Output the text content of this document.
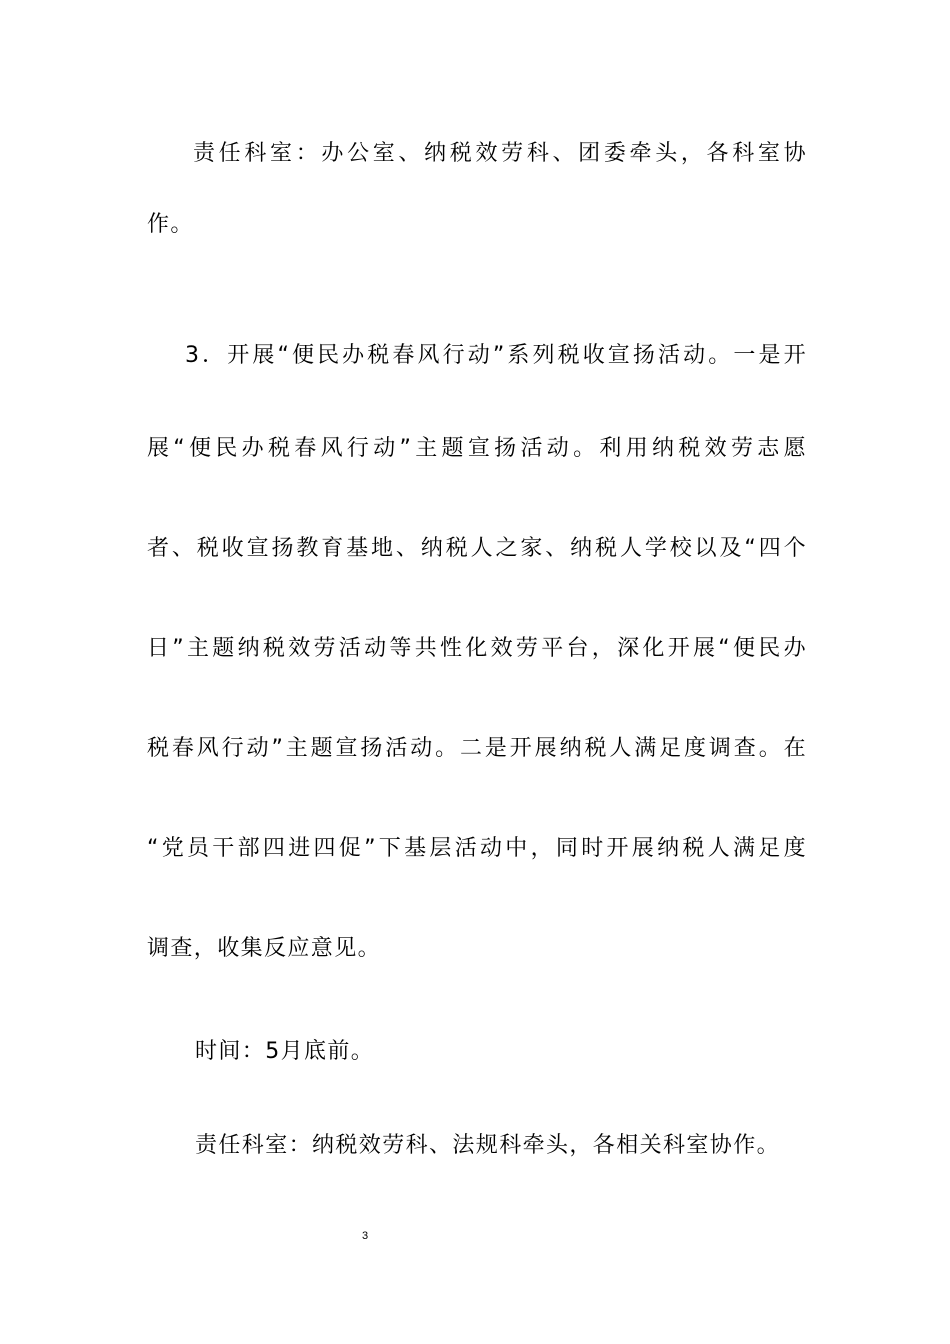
责任科室：办公室、纳税效劳科、团委牵头，各科室协
作。
3．开展“便民办税春风行动”系列税收宣扬活动。一是开
展“便民办税春风行动”主题宣扬活动。利用纳税效劳志愿
者、税收宣扬教育基地、纳税人之家、纳税人学校以及“四个
日”主题纳税效劳活动等共性化效劳平台，深化开展“便民办
税春风行动”主题宣扬活动。二是开展纳税人满足度调查。在
“党员干部四进四促”下基层活动中，同时开展纳税人满足度
调查，收集反应意见。
时间：5月底前。
责任科室：纳税效劳科、法规科牵头，各相关科室协作。
3
